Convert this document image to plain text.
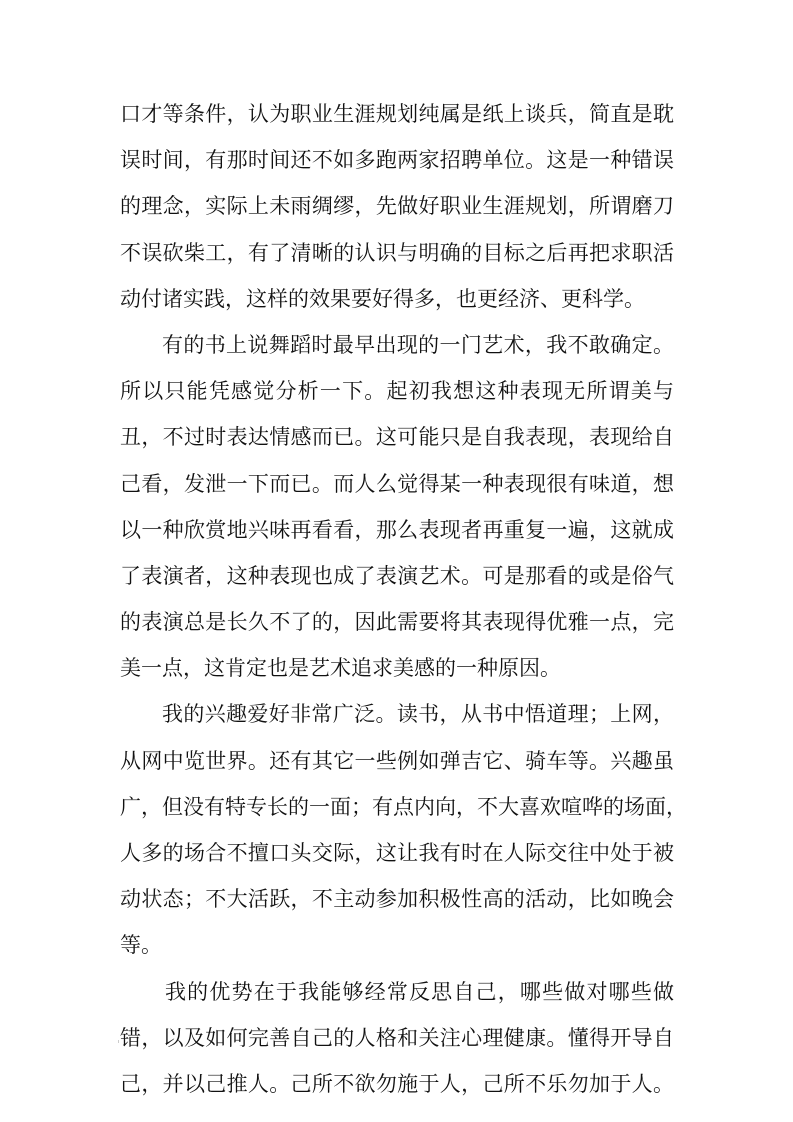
口才等条件，认为职业生涯规划纯属是纸上谈兵，简直是耽
误时间，有那时间还不如多跑两家招聘单位。这是一种错误
的理念，实际上未雨绸缪，先做好职业生涯规划，所谓磨刀
不误砍柴工，有了清晰的认识与明确的目标之后再把求职活
动付诸实践，这样的效果要好得多，也更经济、更科学。
有的书上说舞蹈时最早出现的一门艺术，我不敢确定。
所以只能凭感觉分析一下。起初我想这种表现无所谓美与
丑，不过时表达情感而已。这可能只是自我表现，表现给自
己看，发泄一下而已。而人么觉得某一种表现很有味道，想
以一种欣赏地兴味再看看，那么表现者再重复一遍，这就成
了表演者，这种表现也成了表演艺术。可是那看的或是俗气
的表演总是长久不了的，因此需要将其表现得优雅一点，完
美一点，这肯定也是艺术追求美感的一种原因。
我的兴趣爱好非常广泛。读书，从书中悟道理；上网，
从网中览世界。还有其它一些例如弹吉它、骑车等。兴趣虽
广，但没有特专长的一面；有点内向，不大喜欢喧哗的场面，
人多的场合不擅口头交际，这让我有时在人际交往中处于被
动状态；不大活跃，不主动参加积极性高的活动，比如晚会
等。
我的优势在于我能够经常反思自己，哪些做对哪些做
错，以及如何完善自己的人格和关注心理健康。懂得开导自
己，并以己推人。己所不欲勿施于人，己所不乐勿加于人。
